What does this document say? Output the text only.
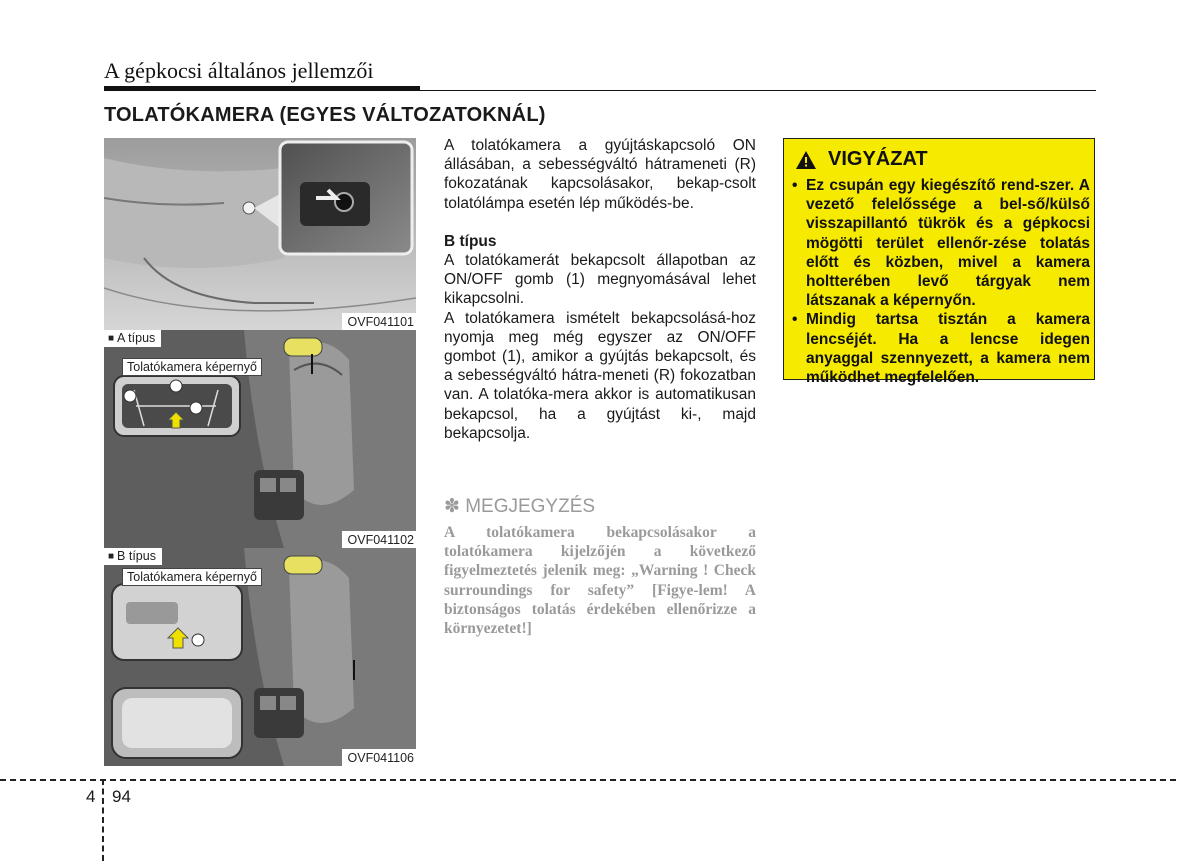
A gépkocsi általános jellemzői
TOLATÓKAMERA (EGYES VÁLTOZATOKNÁL)
OVF041101
■ A típus
Tolatókamera képernyő
OVF041102
■ B típus
Tolatókamera képernyő
OVF041106

A tolatókamera a gyújtáskapcsoló ON állásában, a sebességváltó hátrameneti (R) fokozatának kapcsolásakor, bekap-csolt tolatólámpa esetén lép működés-be.

B típus

A tolatókamerát bekapcsolt állapotban az ON/OFF gomb (1) megnyomásával lehet kikapcsolni.

A tolatókamera ismételt bekapcsolásá-hoz nyomja meg még egyszer az ON/OFF gombot (1), amikor a gyújtás bekapcsolt, és a sebességváltó hátra-meneti (R) fokozatban van. A tolatóka-mera akkor is automatikusan bekapcsol, ha a gyújtást ki-, majd bekapcsolja.

✽ MEGJEGYZÉS
A tolatókamera bekapcsolásakor a tolatókamera kijelzőjén a következő figyelmeztetés jelenik meg: „Warning ! Check surroundings for safety” [Figye-lem! A biztonságos tolatás érdekében ellenőrizze a környezetet!]
VIGYÁZAT
• Ez csupán egy kiegészítő rend-szer. A vezető felelőssége a bel-ső/külső visszapillantó tükrök és a gépkocsi mögötti terület ellenőr-zése tolatás előtt és közben, mivel a kamera holtterében levő tárgyak nem látszanak a képernyőn.
• Mindig tartsa tisztán a kamera lencséjét. Ha a lencse idegen anyaggal szennyezett, a kamera nem működhet megfelelően.
4 94
